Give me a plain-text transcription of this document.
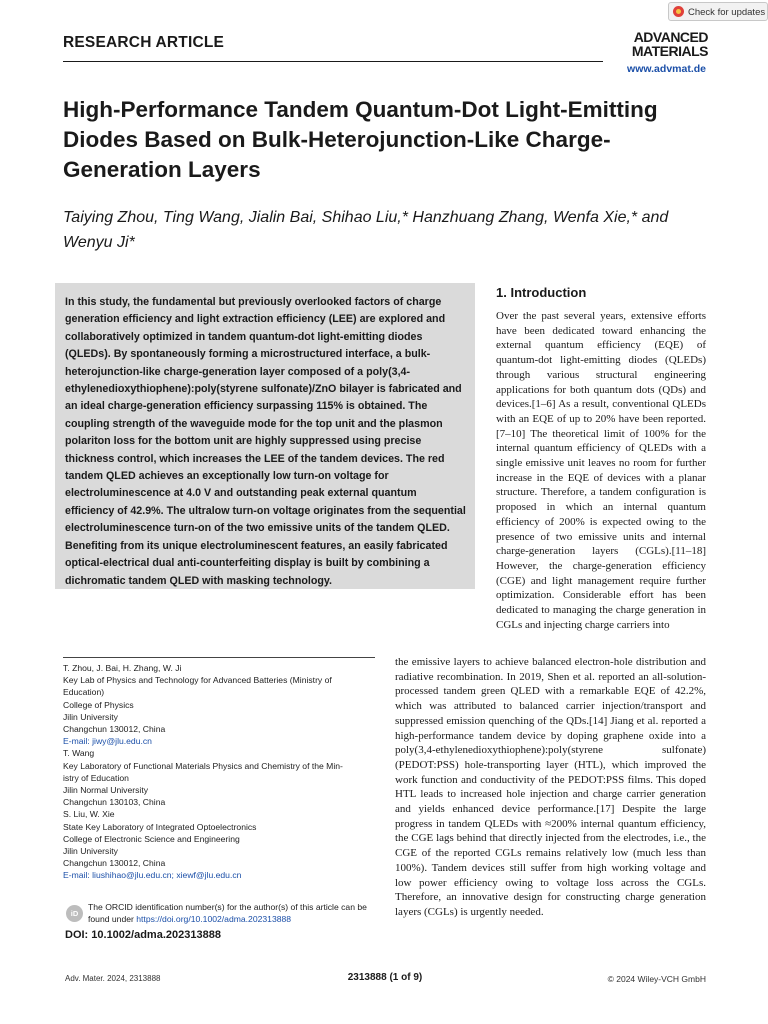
Check for updates
RESEARCH ARTICLE	ADVANCED
MATERIALS
www.advmat.de
High-Performance Tandem Quantum-Dot Light-Emitting Diodes Based on Bulk-Heterojunction-Like Charge-Generation Layers
Taiying Zhou, Ting Wang, Jialin Bai, Shihao Liu,* Hanzhuang Zhang, Wenfa Xie,* and Wenyu Ji*
In this study, the fundamental but previously overlooked factors of charge generation efficiency and light extraction efficiency (LEE) are explored and collaboratively optimized in tandem quantum-dot light-emitting diodes (QLEDs). By spontaneously forming a microstructured interface, a bulk-heterojunction-like charge-generation layer composed of a poly(3,4-ethylenedioxythiophene):poly(styrene sulfonate)/ZnO bilayer is fabricated and an ideal charge-generation efficiency surpassing 115% is obtained. The coupling strength of the waveguide mode for the top unit and the plasmon polariton loss for the bottom unit are highly suppressed using precise thickness control, which increases the LEE of the tandem devices. The red tandem QLED achieves an exceptionally low turn-on voltage for electroluminescence at 4.0 V and outstanding peak external quantum efficiency of 42.9%. The ultralow turn-on voltage originates from the sequential electroluminescence turn-on of the two emissive units of the tandem QLED. Benefiting from its unique electroluminescent features, an easily fabricated optical-electrical dual anti-counterfeiting display is built by combining a dichromatic tandem QLED with masking technology.
1. Introduction
Over the past several years, extensive efforts have been dedicated toward enhancing the external quantum efficiency (EQE) of quantum-dot light-emitting diodes (QLEDs) through various structural engineering applications for both quantum dots (QDs) and devices.[1–6] As a result, conventional QLEDs with an EQE of up to 20% have been reported.[7–10] The theoretical limit of 100% for the internal quantum efficiency of QLEDs with a single emissive unit leaves no room for further increase in the EQE of devices with a planar structure. Therefore, a tandem configuration is proposed in which an internal quantum efficiency of 200% is expected owing to the presence of two emissive units and internal charge-generation layers (CGLs).[11–18] However, the charge-generation efficiency (CGE) and light management require further optimization. Considerable effort has been dedicated to managing the charge generation in CGLs and injecting charge carriers into
the emissive layers to achieve balanced electron-hole distribution and radiative recombination. In 2019, Shen et al. reported an all-solution-processed tandem green QLED with a remarkable EQE of 42.2%, which was attributed to balanced carrier injection/transport and suppressed emission quenching of the QDs.[14] Jiang et al. reported a high-performance tandem device by doping graphene oxide into a poly(3,4-ethylenedioxythiophene):poly(styrene sulfonate) (PEDOT:PSS) hole-transporting layer (HTL), which improved the work function and conductivity of the PEDOT:PSS films. This doped HTL leads to increased hole injection and charge carrier generation and yields enhanced device performance.[17] Despite the large progress in tandem QLEDs with ≈200% internal quantum efficiency, the CGE lags behind that directly injected from the electrodes, i.e., the CGE of the reported CGLs remains relatively low (much less than 100%). Tandem devices still suffer from high working voltage and low power efficiency owing to voltage loss across the CGLs. Therefore, an innovative design for constructing charge generation layers (CGLs) is urgently needed.
T. Zhou, J. Bai, H. Zhang, W. Ji
Key Lab of Physics and Technology for Advanced Batteries (Ministry of
Education)
College of Physics
Jilin University
Changchun 130012, China
E-mail: jiwy@jlu.edu.cn
T. Wang
Key Laboratory of Functional Materials Physics and Chemistry of the Min-
istry of Education
Jilin Normal University
Changchun 130103, China
S. Liu, W. Xie
State Key Laboratory of Integrated Optoelectronics
College of Electronic Science and Engineering
Jilin University
Changchun 130012, China
E-mail: liushihao@jlu.edu.cn; xiewf@jlu.edu.cn
iD
The ORCID identification number(s) for the author(s) of this article can be found under https://doi.org/10.1002/adma.202313888
DOI: 10.1002/adma.202313888
Adv. Mater. 2024, 2313888	2313888 (1 of 9)	© 2024 Wiley-VCH GmbH
